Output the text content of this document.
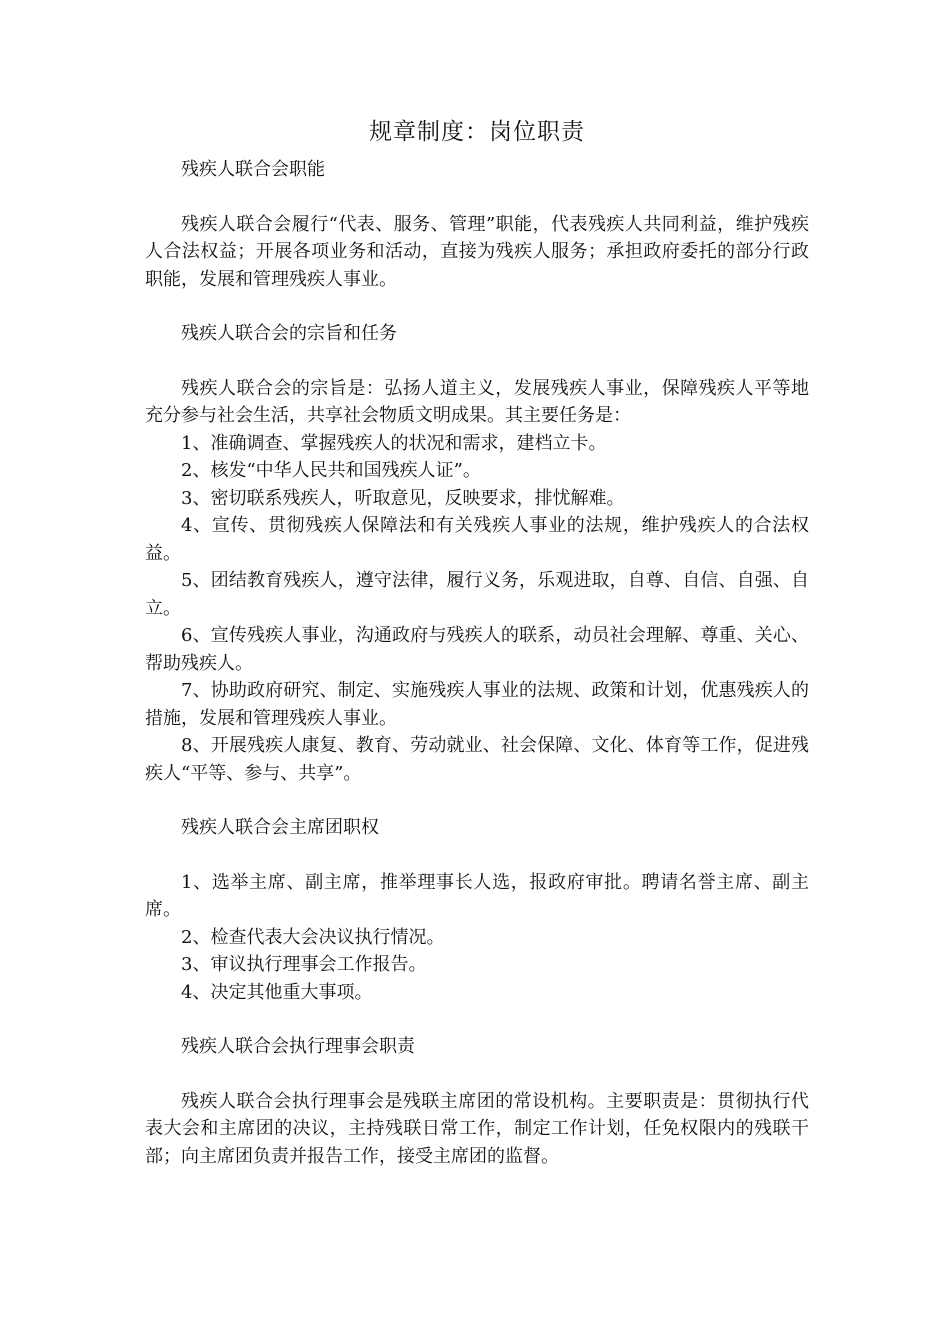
规章制度：岗位职责

残疾人联合会职能

残疾人联合会履行“代表、服务、管理”职能，代表残疾人共同利益，维护残疾人合法权益；开展各项业务和活动，直接为残疾人服务；承担政府委托的部分行政职能，发展和管理残疾人事业。

残疾人联合会的宗旨和任务

残疾人联合会的宗旨是：弘扬人道主义，发展残疾人事业，保障残疾人平等地充分参与社会生活，共享社会物质文明成果。其主要任务是：

1、准确调查、掌握残疾人的状况和需求，建档立卡。

2、核发“中华人民共和国残疾人证”。

3、密切联系残疾人，听取意见，反映要求，排忧解难。

4、宣传、贯彻残疾人保障法和有关残疾人事业的法规，维护残疾人的合法权益。

5、团结教育残疾人，遵守法律，履行义务，乐观进取，自尊、自信、自强、自立。

6、宣传残疾人事业，沟通政府与残疾人的联系，动员社会理解、尊重、关心、帮助残疾人。

7、协助政府研究、制定、实施残疾人事业的法规、政策和计划，优惠残疾人的措施，发展和管理残疾人事业。

8、开展残疾人康复、教育、劳动就业、社会保障、文化、体育等工作，促进残疾人“平等、参与、共享”。

残疾人联合会主席团职权

1、选举主席、副主席，推举理事长人选，报政府审批。聘请名誉主席、副主席。

2、检查代表大会决议执行情况。

3、审议执行理事会工作报告。

4、决定其他重大事项。

残疾人联合会执行理事会职责

残疾人联合会执行理事会是残联主席团的常设机构。主要职责是：贯彻执行代表大会和主席团的决议，主持残联日常工作，制定工作计划，任免权限内的残联干部；向主席团负责并报告工作，接受主席团的监督。
